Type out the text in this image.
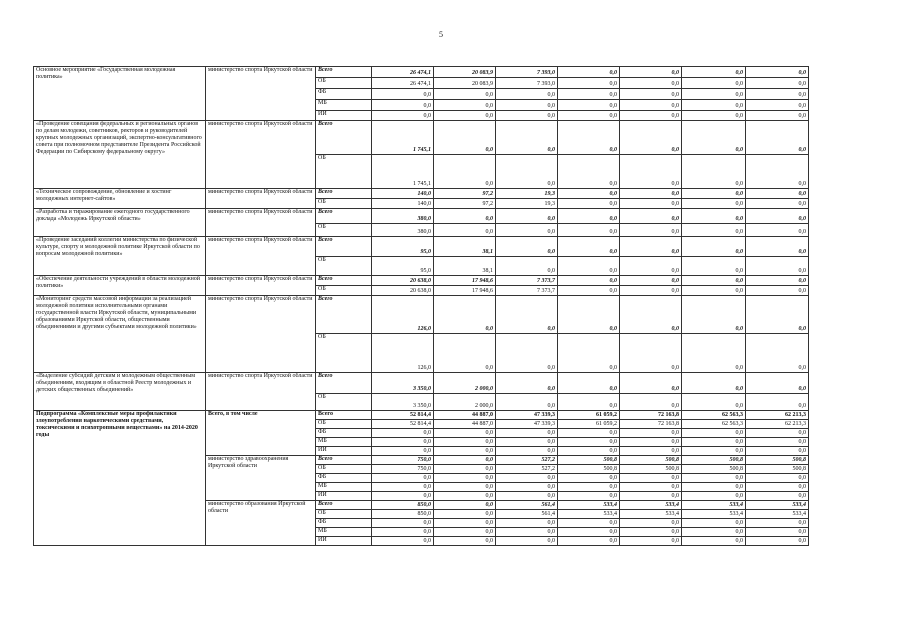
5
Основное мероприятие «Государственная молодежная политика»	министерство спорта Иркутской области	Всего	26 474,1	20 083,9	7 393,0	0,0	0,0	0,0	0,0
		ОБ	26 474,1	20 083,9	7 393,0	0,0	0,0	0,0	0,0
		ФБ	0,0	0,0	0,0	0,0	0,0	0,0	0,0
		МБ	0,0	0,0	0,0	0,0	0,0	0,0	0,0
		ИИ	0,0	0,0	0,0	0,0	0,0	0,0	0,0
«Проведение совещания федеральных и региональных органов по делам молодежи, советников, ректоров и руководителей крупных молодежных организаций, экспертно-консультативного совета при полномочном представителе Президента Российской Федерации по Сибирскому федеральному округу»	министерство спорта Иркутской области	Всего	1 745,1	0,0	0,0	0,0	0,0	0,0	0,0
		ОБ	1 745,1	0,0	0,0	0,0	0,0	0,0	0,0
«Техническое сопровождение, обновление и хостинг молодежных интернет-сайтов»	министерство спорта Иркутской области	Всего	140,0	97,2	19,3	0,0	0,0	0,0	0,0
		ОБ	140,0	97,2	19,3	0,0	0,0	0,0	0,0
«Разработка и тиражирование ежегодного государственного доклада «Молодежь Иркутской области»	министерство спорта Иркутской области	Всего	380,0	0,0	0,0	0,0	0,0	0,0	0,0
		ОБ	380,0	0,0	0,0	0,0	0,0	0,0	0,0
«Проведение заседаний коллегии министерства по физической культуре, спорту и молодежной политике Иркутской области по вопросам молодежной политики»	министерство спорта Иркутской области	Всего	95,0	38,1	0,0	0,0	0,0	0,0	0,0
		ОБ	95,0	38,1	0,0	0,0	0,0	0,0	0,0
«Обеспечение деятельности учреждений в области молодежной политики»	министерство спорта Иркутской области	Всего	20 638,0	17 948,6	7 373,7	0,0	0,0	0,0	0,0
		ОБ	20 638,0	17 948,6	7 373,7	0,0	0,0	0,0	0,0
«Мониторинг средств массовой информации за реализацией молодежной политики исполнительными органами государственной власти Иркутской области, муниципальными образованиями Иркутской области, общественными объединениями и другими субъектами молодежной политики»	министерство спорта Иркутской области	Всего	126,0	0,0	0,0	0,0	0,0	0,0	0,0
		ОБ	126,0	0,0	0,0	0,0	0,0	0,0	0,0
«Выделение субсидий детским и молодежным общественным объединениям, входящим в областной Реестр молодежных и детских общественных объединений»	министерство спорта Иркутской области	Всего	3 350,0	2 000,0	0,0	0,0	0,0	0,0	0,0
		ОБ	3 350,0	2 000,0	0,0	0,0	0,0	0,0	0,0
Подпрограмма «Комплексные меры профилактики злоупотребления наркотическими средствами, токсическими и психотропными веществами» на 2014-2020 годы	Всего, в том числе	Всего	52 814,4	44 887,0	47 339,3	61 059,2	72 163,8	62 563,3	62 213,3
		ОБ	52 814,4	44 887,0	47 339,3	61 059,2	72 163,8	62 563,3	62 213,3
		ФБ	0,0	0,0	0,0	0,0	0,0	0,0	0,0
		МБ	0,0	0,0	0,0	0,0	0,0	0,0	0,0
		ИИ	0,0	0,0	0,0	0,0	0,0	0,0	0,0
	министерство здравоохранения Иркутской области	Всего	750,0	0,0	527,2	500,8	500,8	500,8	500,8
		ОБ	750,0	0,0	527,2	500,8	500,8	500,8	500,8
		ФБ	0,0	0,0	0,0	0,0	0,0	0,0	0,0
		МБ	0,0	0,0	0,0	0,0	0,0	0,0	0,0
		ИИ	0,0	0,0	0,0	0,0	0,0	0,0	0,0
	министерство образования Иркутской области	Всего	850,0	0,0	561,4	533,4	533,4	533,4	533,4
		ОБ	850,0	0,0	561,4	533,4	533,4	533,4	533,4
		ФБ	0,0	0,0	0,0	0,0	0,0	0,0	0,0
		МБ	0,0	0,0	0,0	0,0	0,0	0,0	0,0
		ИИ	0,0	0,0	0,0	0,0	0,0	0,0	0,0
